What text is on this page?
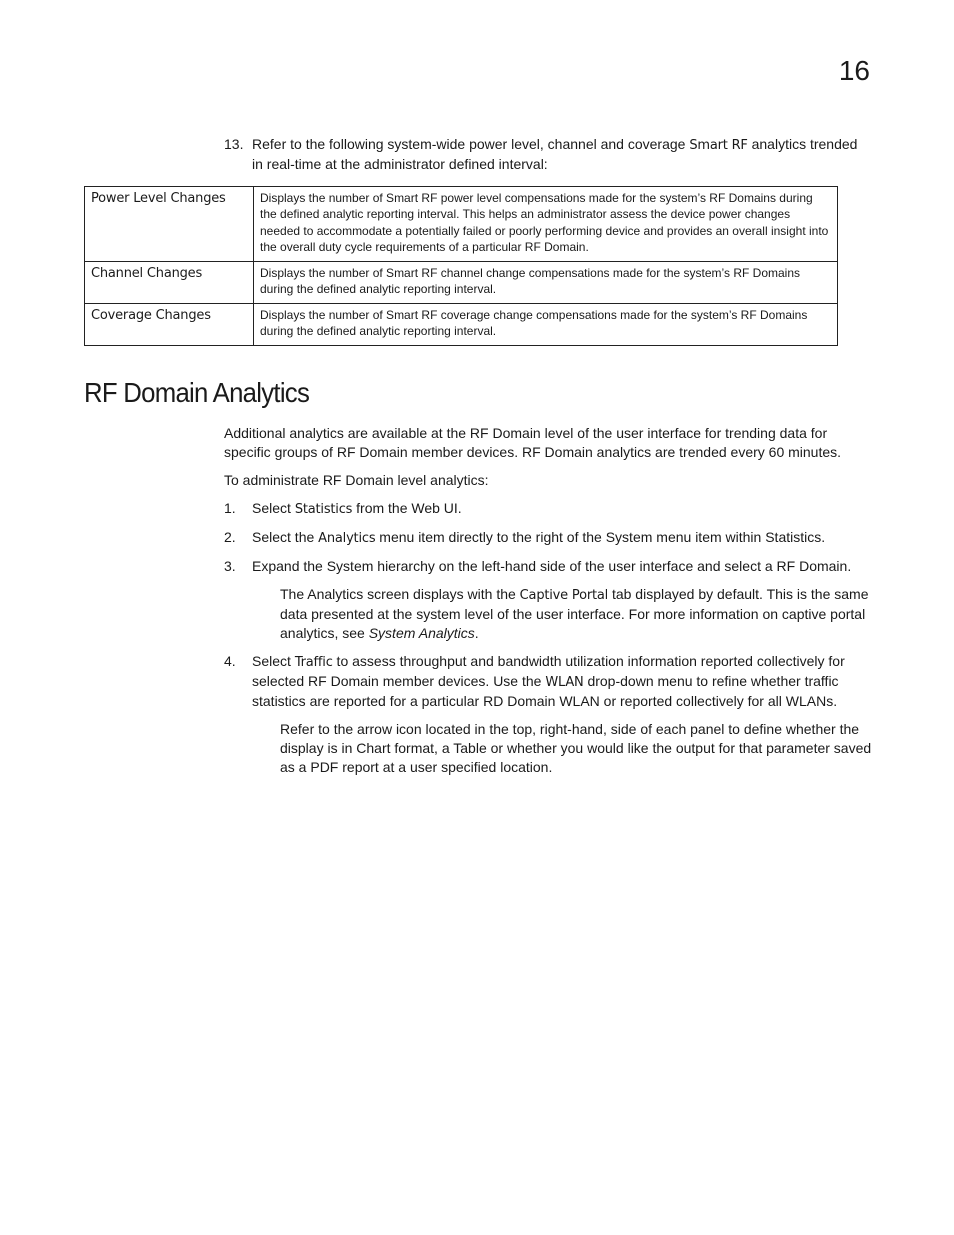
16
13. Refer to the following system-wide power level, channel and coverage Smart RF analytics trended in real-time at the administrator defined interval:
Power Level Changes	Displays the number of Smart RF power level compensations made for the system’s RF Domains during the defined analytic reporting interval. This helps an administrator assess the device power changes needed to accommodate a potentially failed or poorly performing device and provides an overall insight into the overall duty cycle requirements of a particular RF Domain.
Channel Changes	Displays the number of Smart RF channel change compensations made for the system’s RF Domains during the defined analytic reporting interval.
Coverage Changes	Displays the number of Smart RF coverage change compensations made for the system’s RF Domains during the defined analytic reporting interval.
RF Domain Analytics

Additional analytics are available at the RF Domain level of the user interface for trending data for specific groups of RF Domain member devices. RF Domain analytics are trended every 60 minutes.

To administrate RF Domain level analytics:

1. Select Statistics from the Web UI.
2. Select the Analytics menu item directly to the right of the System menu item within Statistics.
3. Expand the System hierarchy on the left-hand side of the user interface and select a RF Domain.
The Analytics screen displays with the Captive Portal tab displayed by default. This is the same data presented at the system level of the user interface. For more information on captive portal analytics, see System Analytics.
4. Select Traffic to assess throughput and bandwidth utilization information reported collectively for selected RF Domain member devices. Use the WLAN drop-down menu to refine whether traffic statistics are reported for a particular RD Domain WLAN or reported collectively for all WLANs.
Refer to the arrow icon located in the top, right-hand, side of each panel to define whether the display is in Chart format, a Table or whether you would like the output for that parameter saved as a PDF report at a user specified location.
